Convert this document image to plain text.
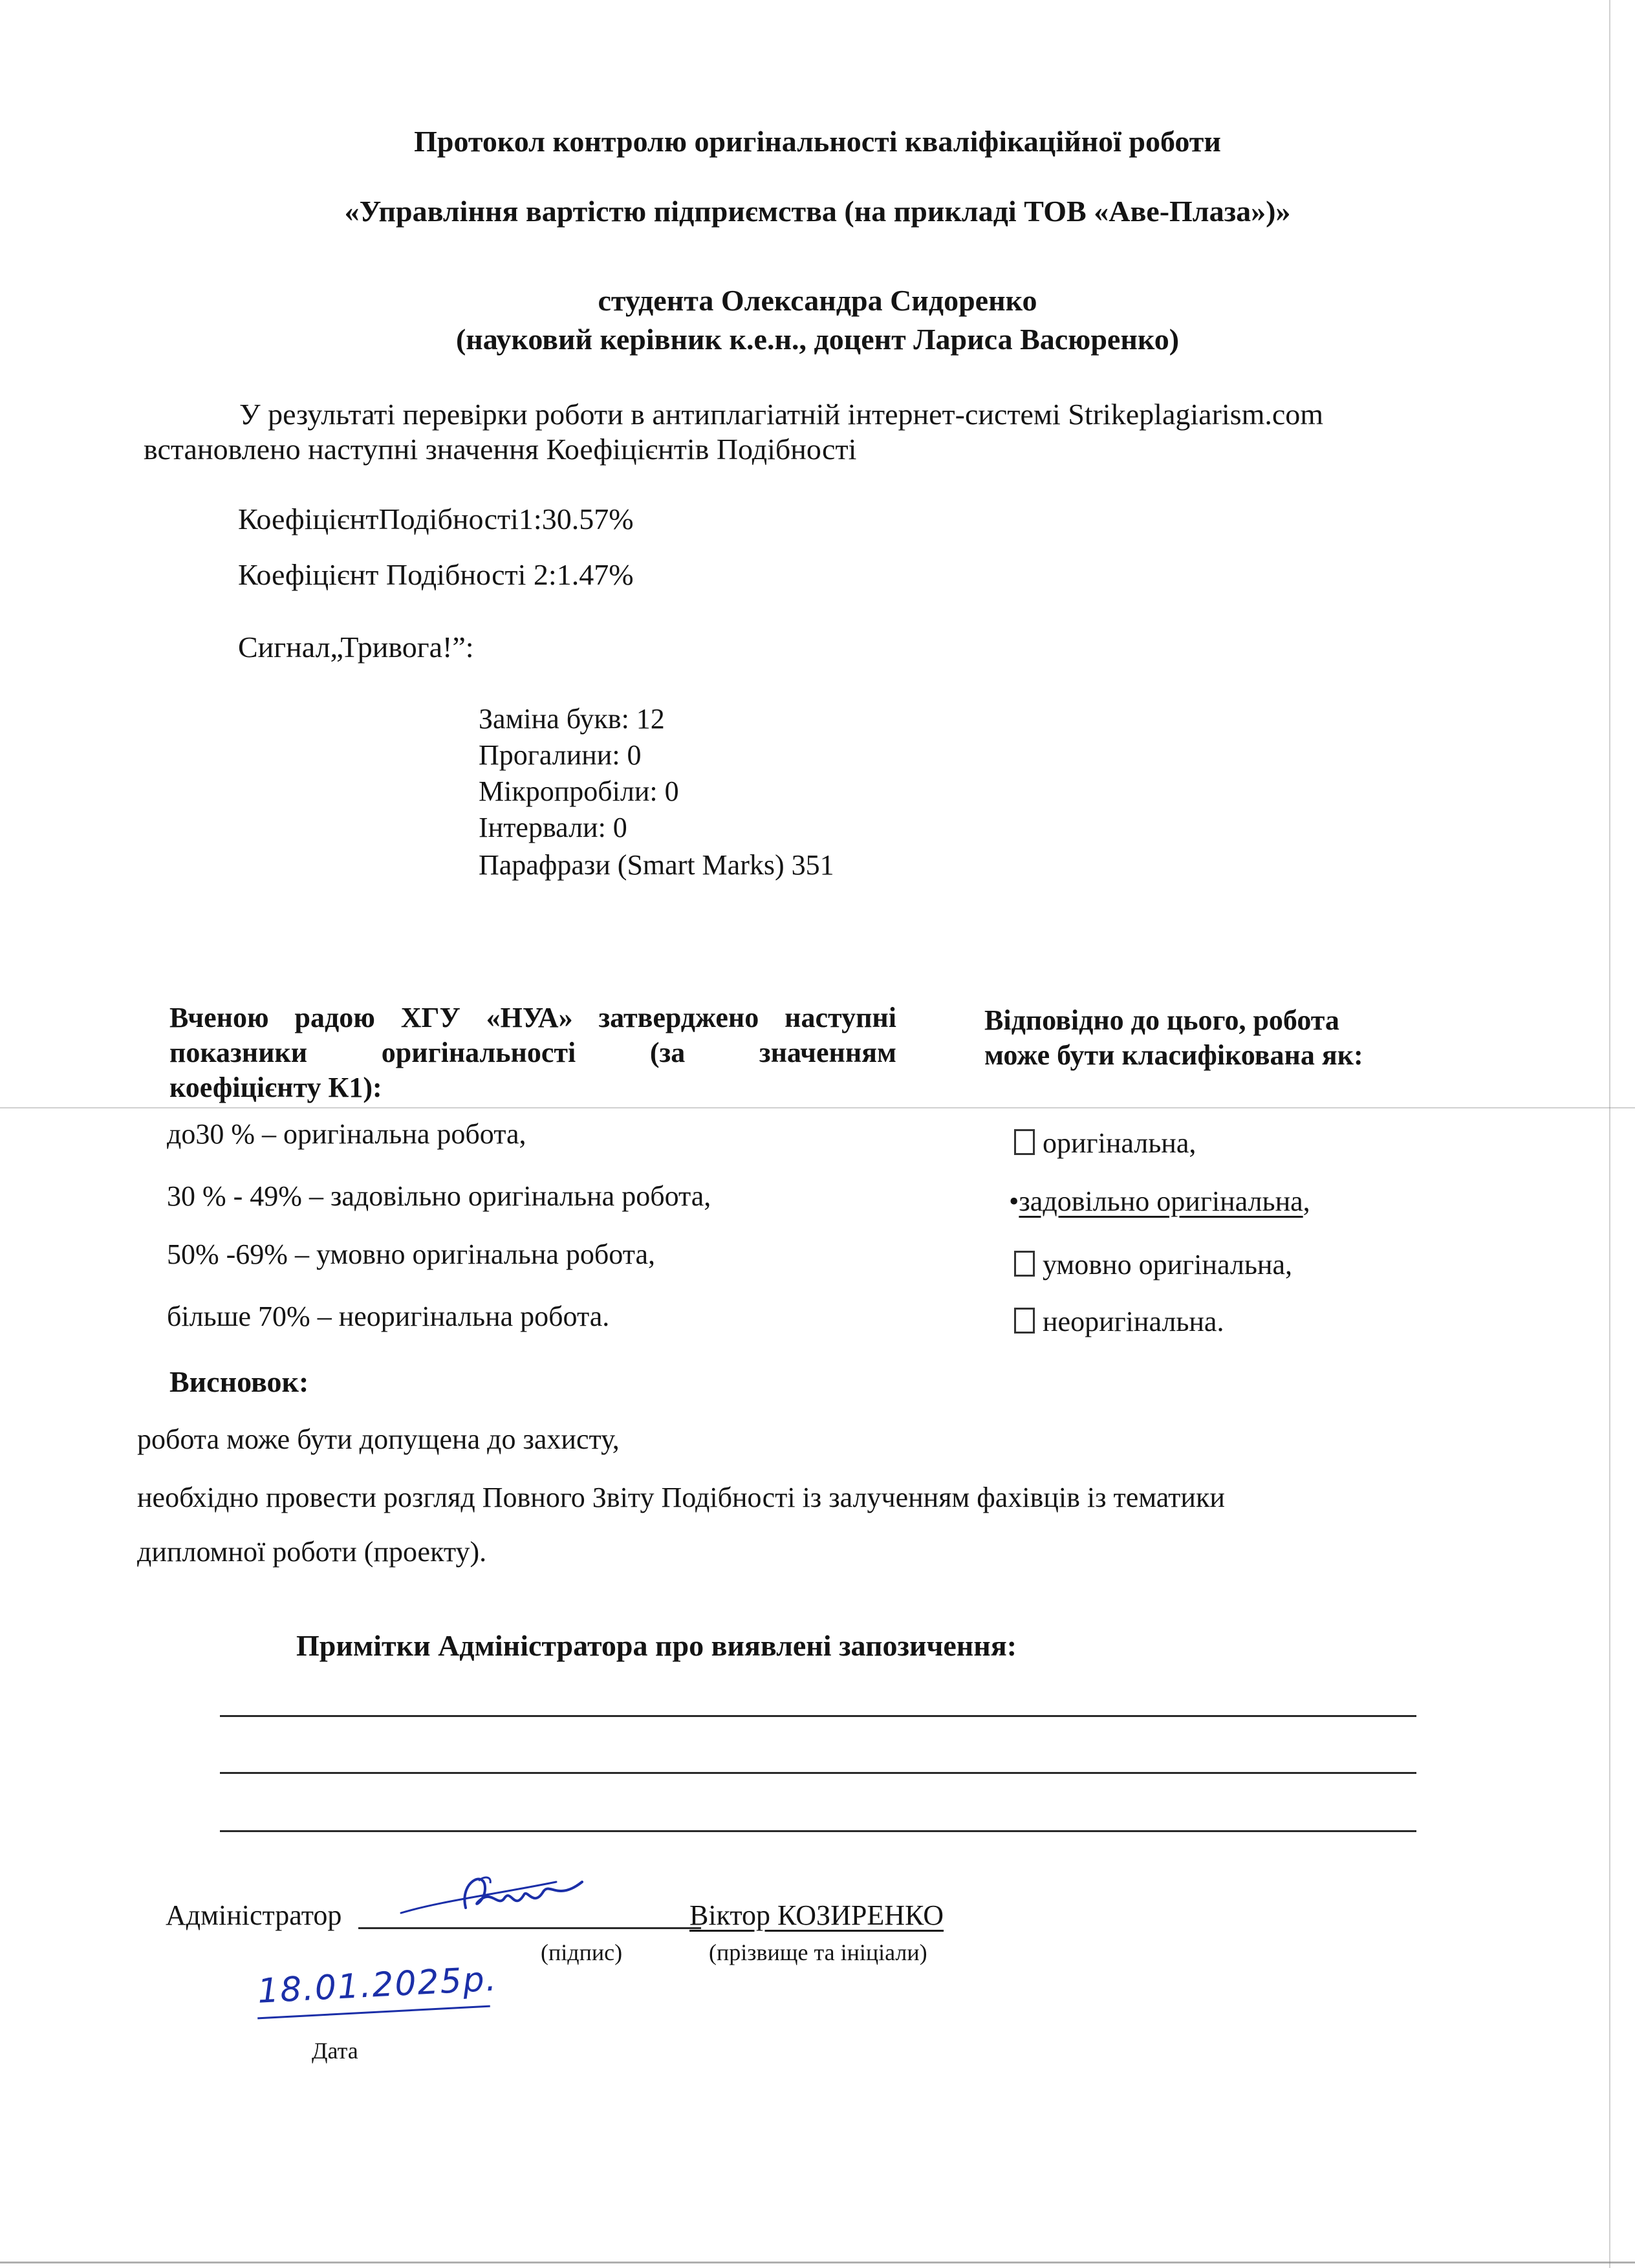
Протокол контролю оригінальності кваліфікаційної роботи
«Управління вартістю підприємства (на прикладі ТОВ «Аве-Плаза»)»
студента Олександра Сидоренко
(науковий керівник к.е.н., доцент Лариса Васюренко)
У результаті перевірки роботи в антиплагіатній інтернет-системі Strikeplagiarism.com
встановлено наступні значення Коефіцієнтів Подібності
КоефіцієнтПодібності1:30.57%
Коефіцієнт Подібності 2:1.47%
Сигнал„Тривога!”:
Заміна букв: 12
Прогалини: 0
Мікропробіли: 0
Інтервали: 0
Парафрази (Smart Marks) 351
Вченою радою ХГУ «НУА» затверджено наступні
показники оригінальності (за значенням
коефіцієнту К1):
до30 % – оригінальна робота,
30 % - 49% – задовільно оригінальна робота,
50% -69% – умовно оригінальна робота,
більше 70% – неоригінальна робота.
Відповідно до цього, робота
може бути класифікована як:
оригінальна,
•задовільно оригінальна,
умовно оригінальна,
неоригінальна.
Висновок:
робота може бути допущена до захисту,
необхідно провести розгляд Повного Звіту Подібності із залученням фахівців із тематики
дипломної роботи (проекту).
Примітки Адміністратора про виявлені запозичення:
Адміністратор	Віктор КОЗИРЕНКО
(підпис)	(прізвище та ініціали)
18.01.2025р.
Дата
